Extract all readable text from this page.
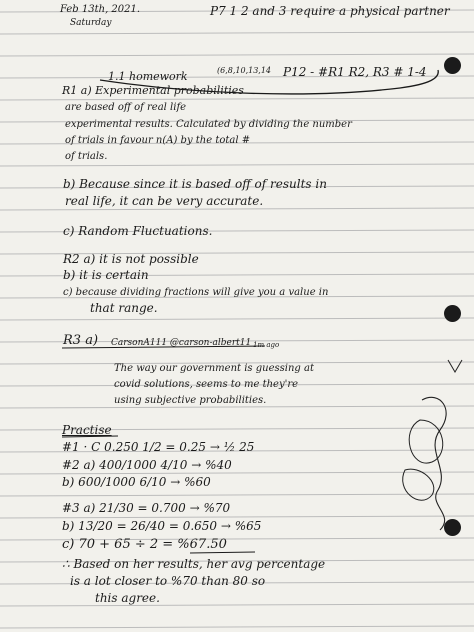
Feb 13th, 2021.
Saturday
P7 1 2 and 3 require a physical partner
1.1 homework	(6,8,10,13,14 P12 - #R1 R2, R3 # 1-4
R1 a) Experimental probabilities
are based off of real life
experimental results. Calculated by dividing the number
of trials in favour n(A) by the total #
of trials.
b) Because since it is based off of results in
real life, it can be very accurate.
c) Random Fluctuations.
R2 a) it is not possible
b) it is certain
c) because dividing fractions will give you a value in
that range.
R3 a) CarsonA111 @carson-albert11 1m ago
The way our government is guessing at
covid solutions, seems to me they're
using subjective probabilities.
Practise
#1 · C 0.250 1/2 = 0.25 → ½ 25
#2 a) 400/1000 4/10 → %40
b) 600/1000 6/10 → %60
#3 a) 21/30 = 0.700 → %70
b) 13/20 = 26/40 = 0.650 → %65
c) 70 + 65 ÷ 2 = %67.50
∴ Based on her results, her avg percentage
is a lot closer to %70 than 80 so
this agree.
